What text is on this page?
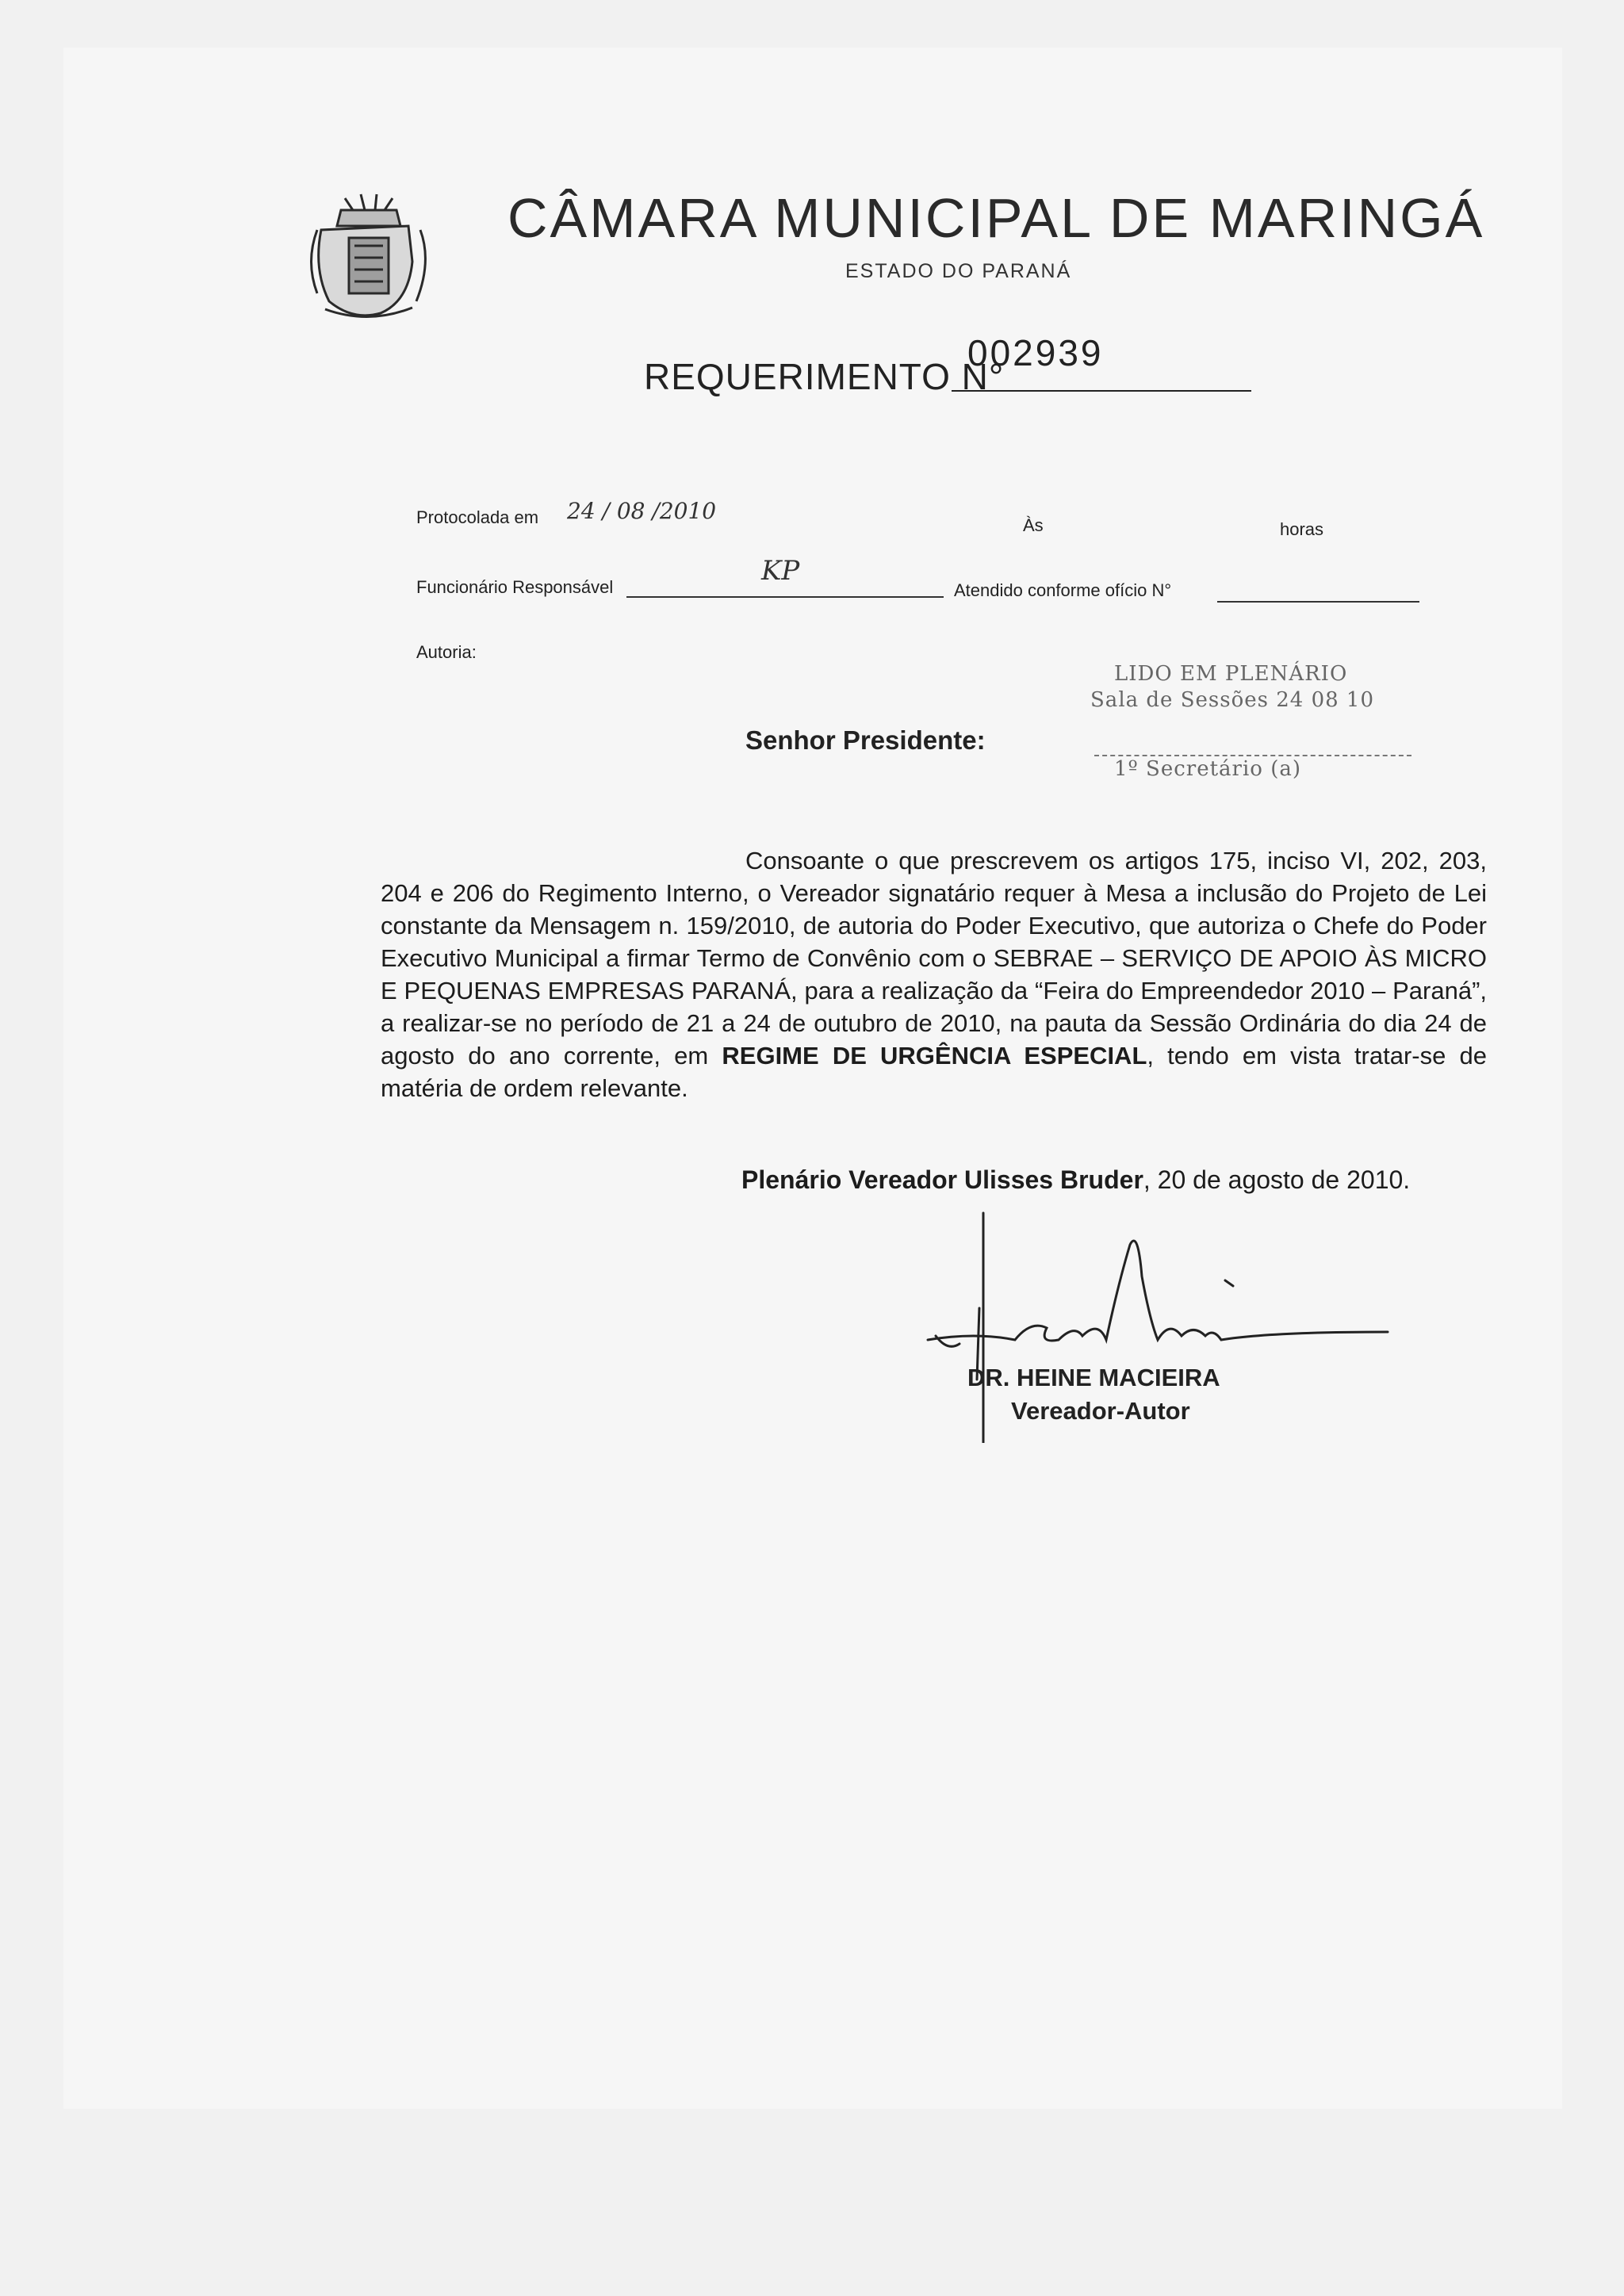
CÂMARA MUNICIPAL DE MARINGÁ
ESTADO DO PARANÁ
REQUERIMENTO N°
002939
Protocolada em 24 / 08 /2010
Às	horas
Funcionário Responsável
KP
Atendido conforme ofício N°
Autoria:
LIDO EM PLENÁRIO
Sala de Sessões 24 08 10
1º Secretário (a)
Senhor Presidente:
Consoante o que prescrevem os artigos 175, inciso VI, 202, 203, 204 e 206 do Regimento Interno, o Vereador signatário requer à Mesa a inclusão do Projeto de Lei constante da Mensagem n. 159/2010, de autoria do Poder Executivo, que autoriza o Chefe do Poder Executivo Municipal a firmar Termo de Convênio com o SEBRAE – SERVIÇO DE APOIO ÀS MICRO E PEQUENAS EMPRESAS PARANÁ, para a realização da “Feira do Empreendedor 2010 – Paraná”, a realizar-se no período de 21 a 24 de outubro de 2010, na pauta da Sessão Ordinária do dia 24 de agosto do ano corrente, em REGIME DE URGÊNCIA ESPECIAL, tendo em vista tratar-se de matéria de ordem relevante.
Plenário Vereador Ulisses Bruder, 20 de agosto de 2010.
DR. HEINE MACIEIRA
Vereador-Autor
